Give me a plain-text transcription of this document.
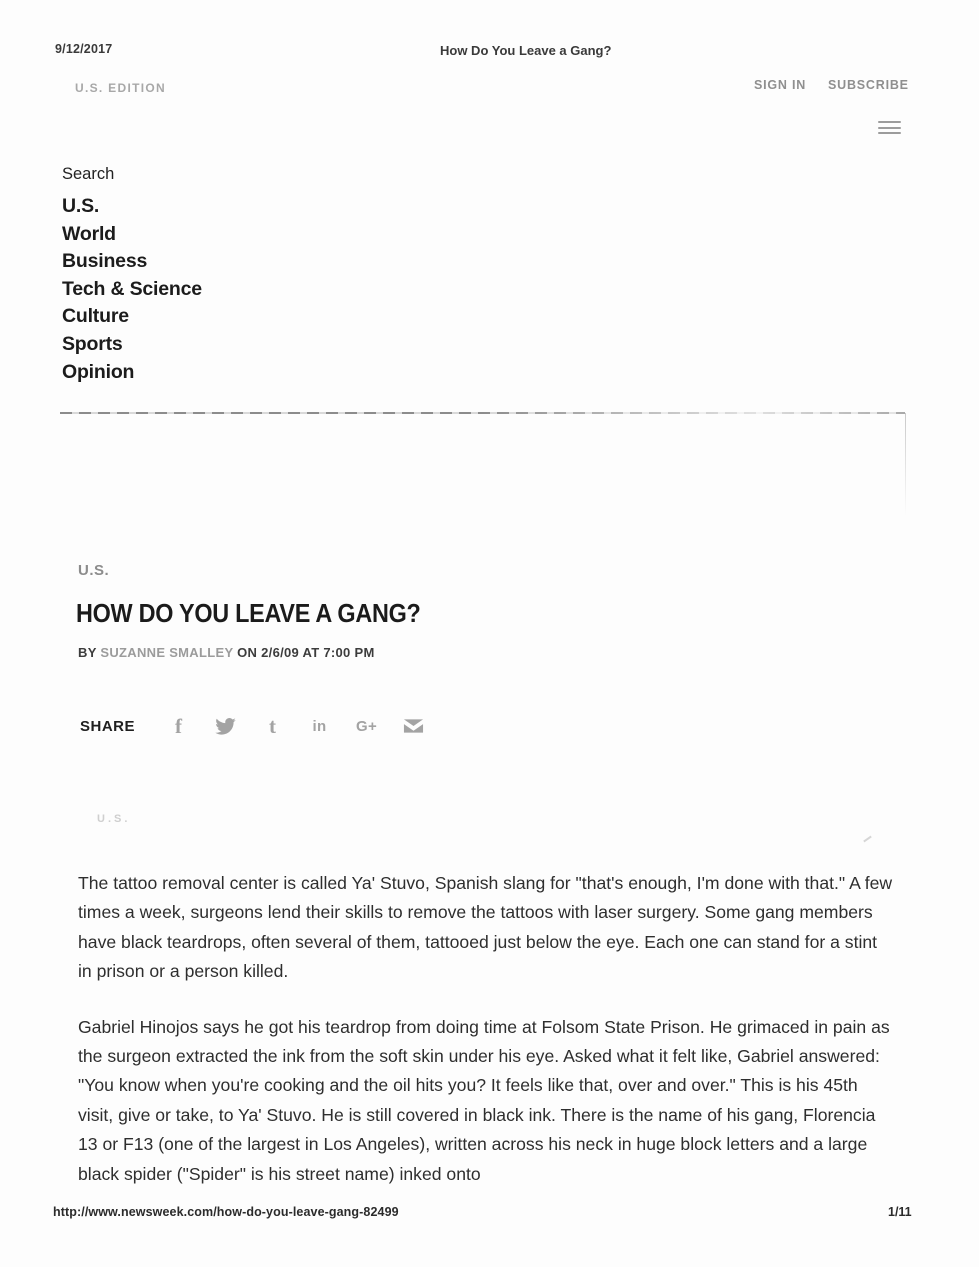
9/12/2017	How Do You Leave a Gang?
U.S. EDITION	SIGN IN SUBSCRIBE
Search
U.S.
World
Business
Tech & Science
Culture
Sports
Opinion
U.S.
HOW DO YOU LEAVE A GANG?
BY SUZANNE SMALLEY ON 2/6/09 AT 7:00 PM
SHARE	f	t	in G+
U.S.

The tattoo removal center is called Ya' Stuvo, Spanish slang for "that's enough, I'm done with that." A few times a week, surgeons lend their skills to remove the tattoos with laser surgery. Some gang members have black teardrops, often several of them, tattooed just below the eye. Each one can stand for a stint in prison or a person killed.

Gabriel Hinojos says he got his teardrop from doing time at Folsom State Prison. He grimaced in pain as the surgeon extracted the ink from the soft skin under his eye. Asked what it felt like, Gabriel answered: "You know when you're cooking and the oil hits you? It feels like that, over and over." This is his 45th visit, give or take, to Ya' Stuvo. He is still covered in black ink. There is the name of his gang, Florencia 13 or F13 (one of the largest in Los Angeles), written across his neck in huge block letters and a large black spider ("Spider" is his street name) inked onto

http://www.newsweek.com/how-do-you-leave-gang-82499	1/11
